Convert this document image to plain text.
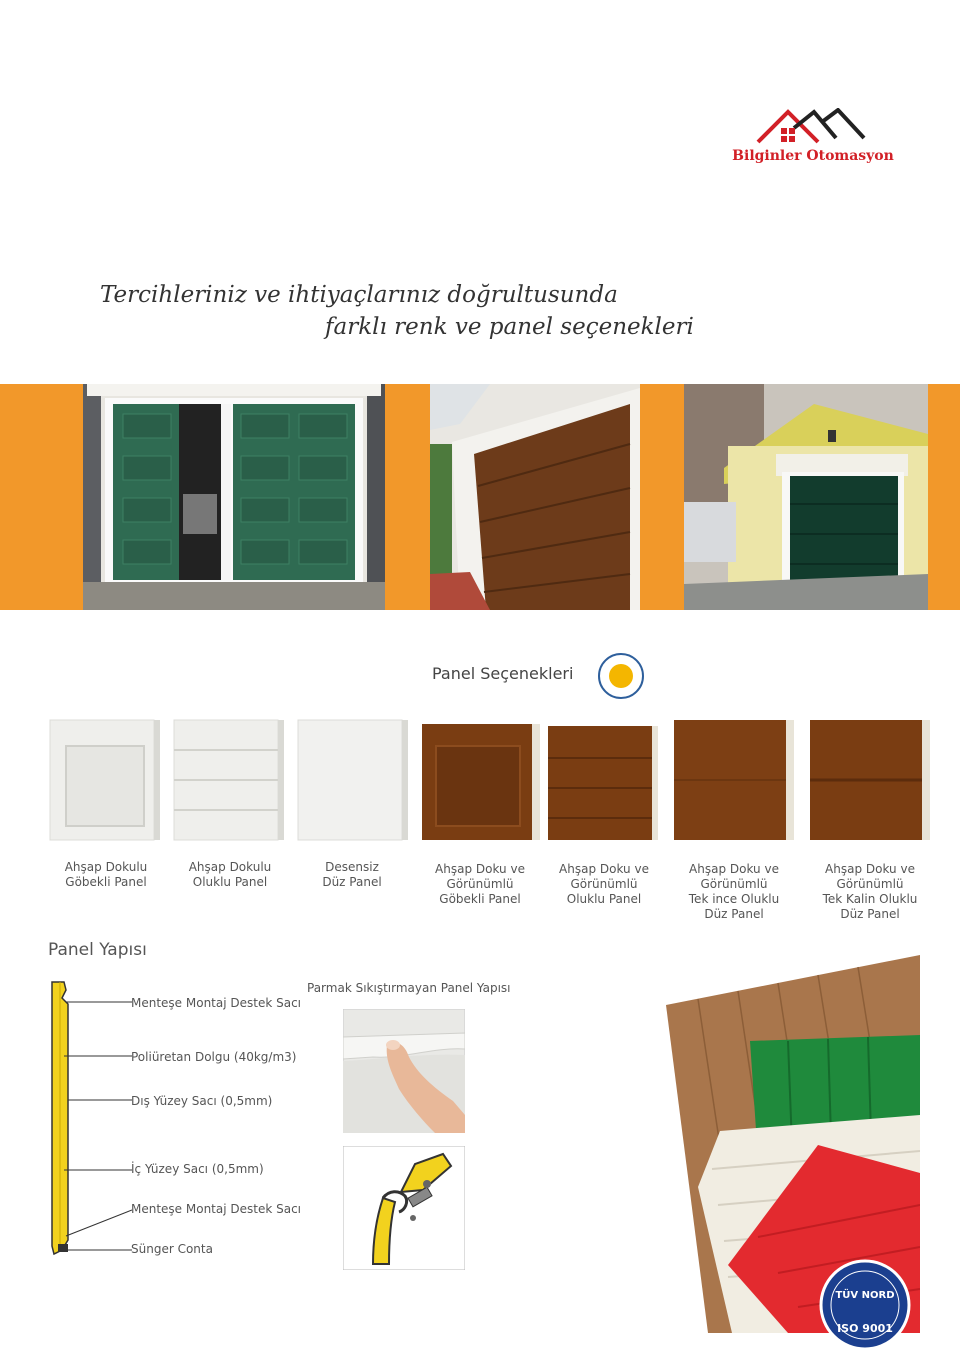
Bilginler Otomasyon
Tercihleriniz ve ihtiyaçlarınız doğrultusunda
farklı renk ve panel seçenekleri
Panel Seçenekleri
Ahşap Dokulu
Göbekli Panel
Ahşap Dokulu
Oluklu Panel
Desensiz
Düz Panel
Ahşap Doku ve
Görünümlü
Göbekli Panel
Ahşap Doku ve
Görünümlü
Oluklu Panel
Ahşap Doku ve
Görünümlü
Tek ince Oluklu
Düz Panel
Ahşap Doku ve
Görünümlü
Tek Kalin Oluklu
Düz Panel
Panel Yapısı
Menteşe Montaj Destek Sacı
Poliüretan Dolgu (40kg/m3)
Dış Yüzey Sacı (0,5mm)
İç Yüzey Sacı (0,5mm)
Menteşe Montaj Destek Sacı
Sünger Conta
Parmak Sıkıştırmayan Panel Yapısı
TÜV NORD
ISO 9001
